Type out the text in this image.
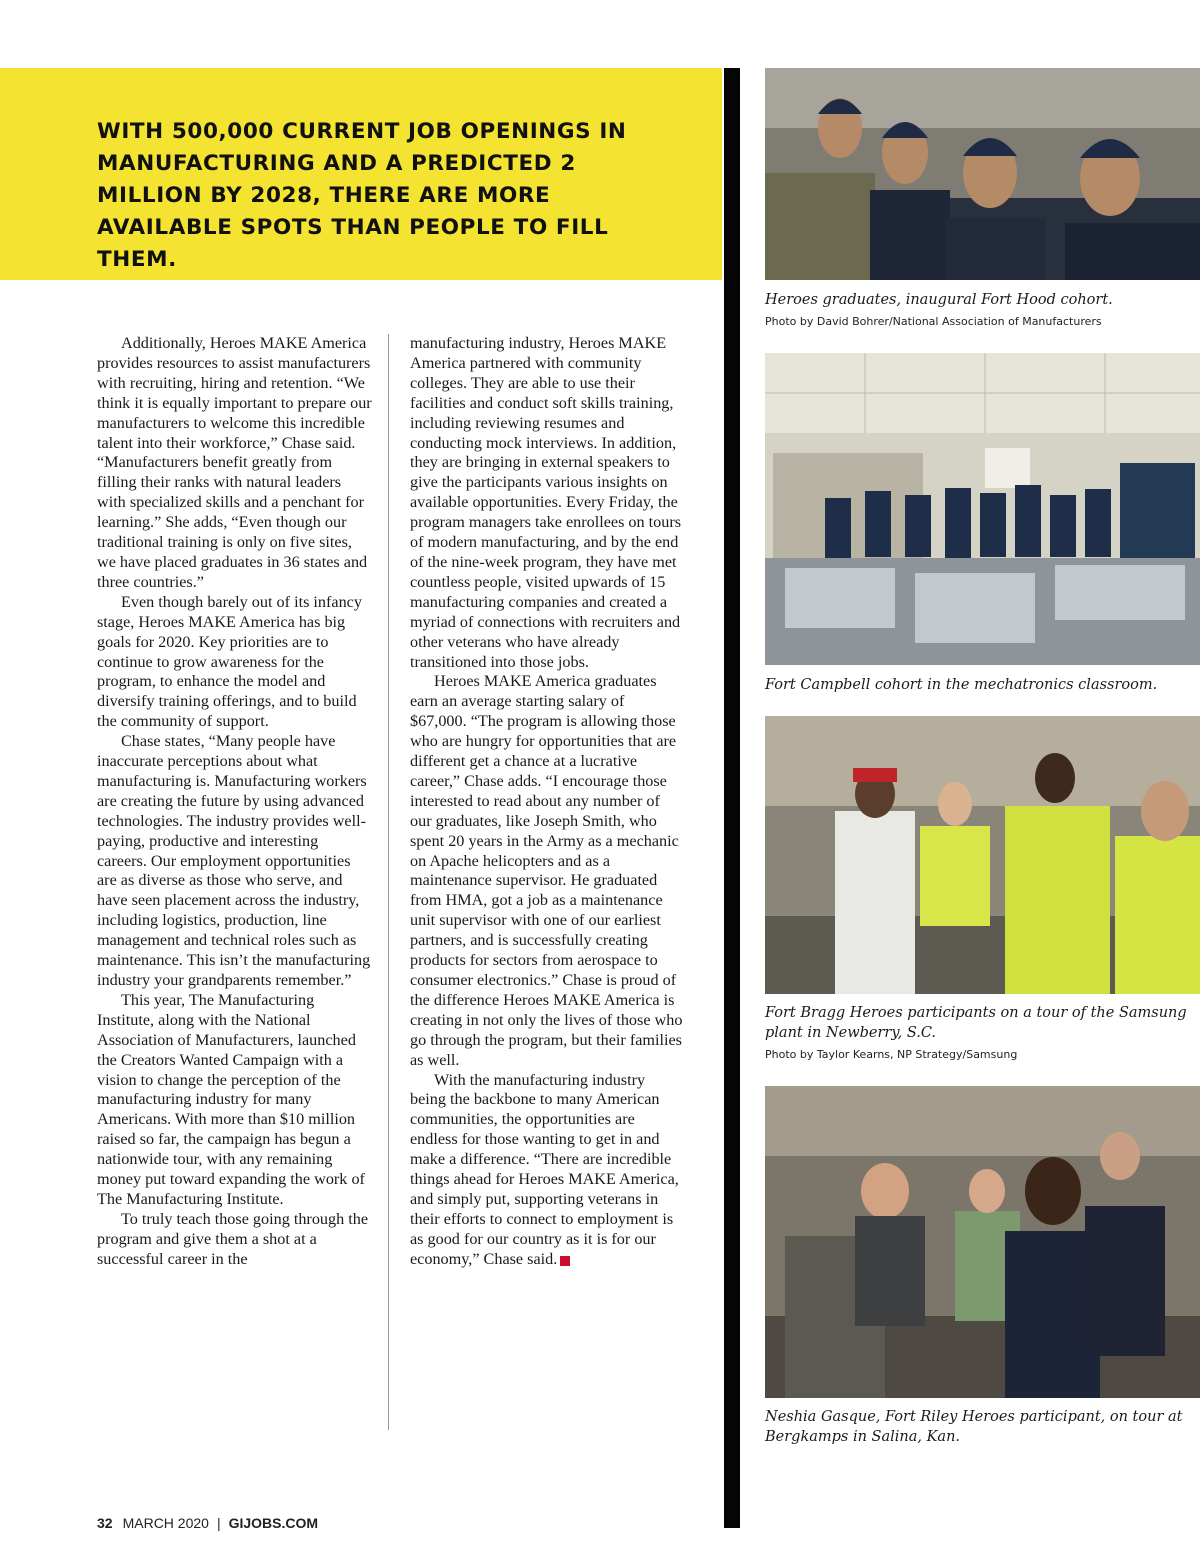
WITH 500,000 CURRENT JOB OPENINGS IN MANUFACTURING AND A PREDICTED 2 MILLION BY 2028, THERE ARE MORE AVAILABLE SPOTS THAN PEOPLE TO FILL THEM.

Additionally, Heroes MAKE America provides resources to assist manufacturers with recruiting, hiring and retention. “We think it is equally important to prepare our manufacturers to welcome this incredible talent into their workforce,” Chase said. “Manufacturers benefit greatly from filling their ranks with natural leaders with specialized skills and a penchant for learning.” She adds, “Even though our traditional training is only on five sites, we have placed graduates in 36 states and three countries.”

Even though barely out of its infancy stage, Heroes MAKE America has big goals for 2020. Key priorities are to continue to grow awareness for the program, to enhance the model and diversify training offerings, and to build the community of support.

Chase states, “Many people have inaccurate perceptions about what manufacturing is. Manufacturing workers are creating the future by using advanced technologies. The industry provides well-paying, productive and interesting careers. Our employment opportunities are as diverse as those who serve, and have seen placement across the industry, including logistics, production, line management and technical roles such as maintenance. This isn’t the manufacturing industry your grandparents remember.”

This year, The Manufacturing Institute, along with the National Association of Manufacturers, launched the Creators Wanted Campaign with a vision to change the perception of the manufacturing industry for many Americans. With more than $10 million raised so far, the campaign has begun a nationwide tour, with any remaining money put toward expanding the work of The Manufacturing Institute.

To truly teach those going through the program and give them a shot at a successful career in the

manufacturing industry, Heroes MAKE America partnered with community colleges. They are able to use their facilities and conduct soft skills training, including reviewing resumes and conducting mock interviews. In addition, they are bringing in external speakers to give the participants various insights on available opportunities. Every Friday, the program managers take enrollees on tours of modern manufacturing, and by the end of the nine-week program, they have met countless people, visited upwards of 15 manufacturing companies and created a myriad of connections with recruiters and other veterans who have already transitioned into those jobs.

Heroes MAKE America graduates earn an average starting salary of $67,000. “The program is allowing those who are hungry for opportunities that are different get a chance at a lucrative career,” Chase adds. “I encourage those interested to read about any number of our graduates, like Joseph Smith, who spent 20 years in the Army as a mechanic on Apache helicopters and as a maintenance supervisor. He graduated from HMA, got a job as a maintenance unit supervisor with one of our earliest partners, and is successfully creating products for sectors from aerospace to consumer electronics.” Chase is proud of the difference Heroes MAKE America is creating in not only the lives of those who go through the program, but their families as well.

With the manufacturing industry being the backbone to many American communities, the opportunities are endless for those wanting to get in and make a difference. “There are incredible things ahead for Heroes MAKE America, and simply put, supporting veterans in their efforts to connect to employment is as good for our country as it is for our economy,” Chase said.	GI

Heroes graduates, inaugural Fort Hood cohort.

Photo by David Bohrer/National Association of Manufacturers

Fort Campbell cohort in the mechatronics classroom.

Fort Bragg Heroes participants on a tour of the Samsung plant in Newberry, S.C.

Photo by Taylor Kearns, NP Strategy/Samsung

Neshia Gasque, Fort Riley Heroes participant, on tour at Bergkamps in Salina, Kan.

32 MARCH 2020 | GIJOBS.COM
